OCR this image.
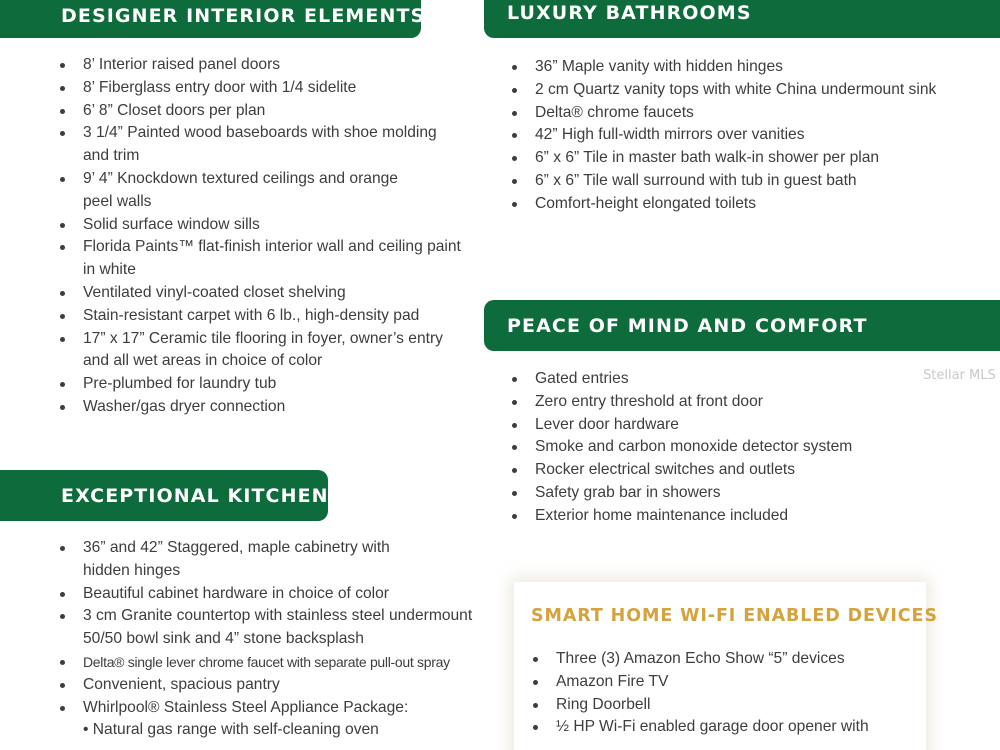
DESIGNER INTERIOR ELEMENTS
8’ Interior raised panel doors
8’ Fiberglass entry door with 1/4 sidelite
6’ 8” Closet doors per plan
3 1/4” Painted wood baseboards with shoe molding
and trim
9’ 4” Knockdown textured ceilings and orange
peel walls
Solid surface window sills
Florida Paints™ flat-finish interior wall and ceiling paint
in white
Ventilated vinyl-coated closet shelving
Stain-resistant carpet with 6 lb., high-density pad
17” x 17” Ceramic tile flooring in foyer, owner’s entry
and all wet areas in choice of color
Pre-plumbed for laundry tub
Washer/gas dryer connection
EXCEPTIONAL KITCHEN
36” and 42” Staggered, maple cabinetry with
hidden hinges
Beautiful cabinet hardware in choice of color
3 cm Granite countertop with stainless steel undermount
50/50 bowl sink and 4” stone backsplash
Delta® single lever chrome faucet with separate pull-out spray
Convenient, spacious pantry
Whirlpool® Stainless Steel Appliance Package:
• Natural gas range with self-cleaning oven
LUXURY BATHROOMS
36” Maple vanity with hidden hinges
2 cm Quartz vanity tops with white China undermount sink
Delta® chrome faucets
42” High full-width mirrors over vanities
6” x 6” Tile in master bath walk-in shower per plan
6” x 6” Tile wall surround with tub in guest bath
Comfort-height elongated toilets
PEACE OF MIND AND COMFORT
Gated entries
Zero entry threshold at front door
Lever door hardware
Smoke and carbon monoxide detector system
Rocker electrical switches and outlets
Safety grab bar in showers
Exterior home maintenance included
Stellar MLS
SMART HOME WI-FI ENABLED DEVICES
Three (3) Amazon Echo Show “5” devices
Amazon Fire TV
Ring Doorbell
½ HP Wi-Fi enabled garage door opener with
